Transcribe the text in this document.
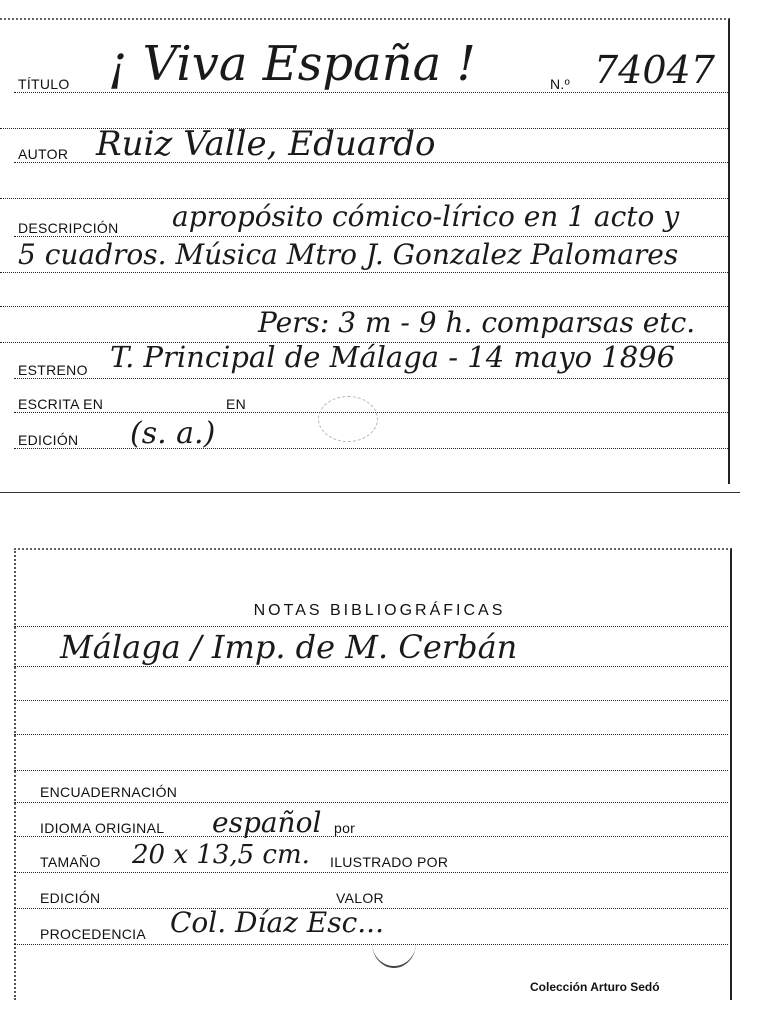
TÍTULO ¡ Viva España !	N.º 74047
AUTOR Ruiz Valle, Eduardo
DESCRIPCIÓN apropósito cómico-lírico en 1 acto y
5 cuadros. Música Mtro J. Gonzalez Palomares
Pers: 3 m - 9 h. comparsas etc.
ESTRENO T. Principal de Málaga - 14 mayo 1896
ESCRITA EN	EN
EDICIÓN (s. a.)
NOTAS BIBLIOGRÁFICAS
Málaga / Imp. de M. Cerbán
ENCUADERNACIÓN
IDIOMA ORIGINAL español por
TAMAÑO 20 x 13,5 cm. ILUSTRADO POR
EDICIÓN	VALOR
PROCEDENCIA Col. Díaz Esc...
Colección Arturo Sedó
